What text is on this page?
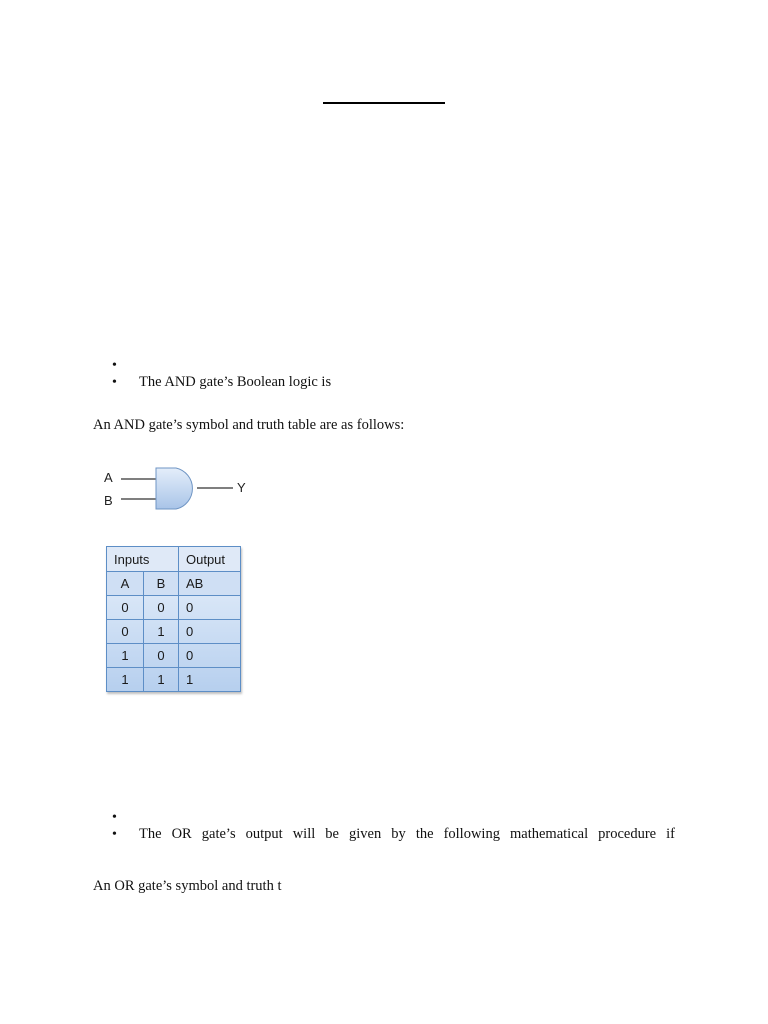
•
• The AND gate’s Boolean logic is

An AND gate’s symbol and truth table are as follows:

A
B
Y
Inputs		Output
A	B	AB
0	0	0
0	1	0
1	0	0
1	1	1
•
• The OR gate’s output will be given by the following mathematical procedure if

An OR gate’s symbol and truth t
